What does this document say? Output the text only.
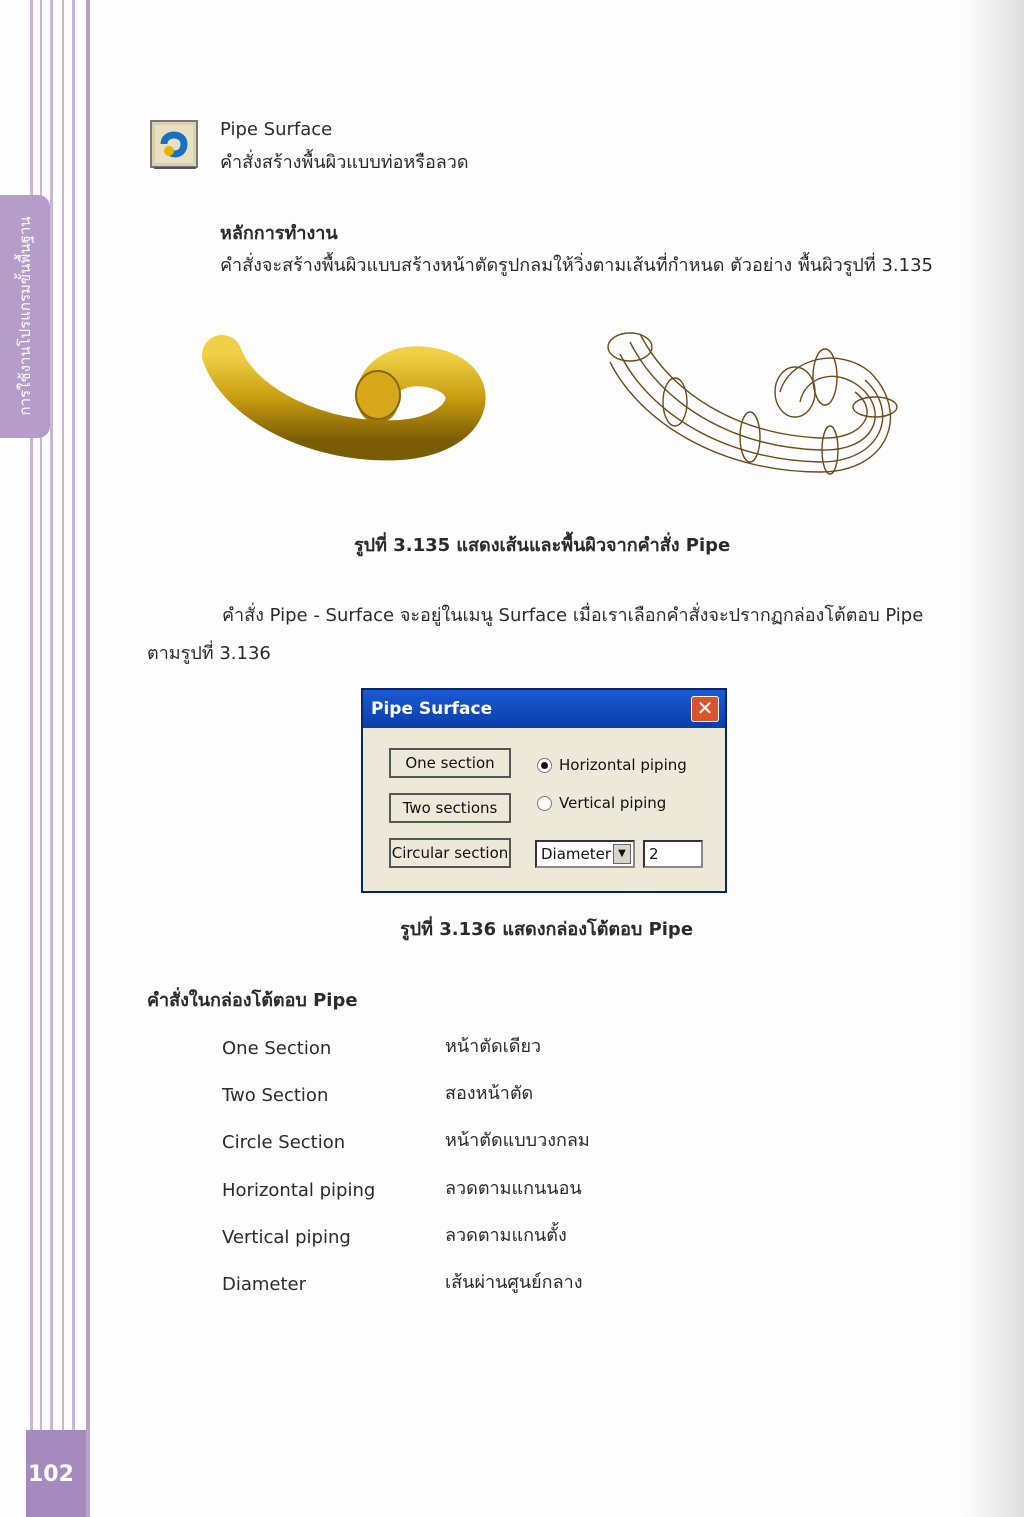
การใช้งานโปรแกรมขั้นพื้นฐาน
102
Pipe Surface
คำสั่งสร้างพื้นผิวแบบท่อหรือลวด
หลักการทำงาน
คำสั่งจะสร้างพื้นผิวแบบสร้างหน้าตัดรูปกลมให้วิ่งตามเส้นที่กำหนด ตัวอย่าง พื้นผิวรูปที่ 3.135
รูปที่ 3.135 แสดงเส้นและพื้นผิวจากคำสั่ง Pipe
คำสั่ง Pipe - Surface จะอยู่ในเมนู Surface เมื่อเราเลือกคำสั่งจะปรากฏกล่องโต้ตอบ Pipe
ตามรูปที่ 3.136
Pipe Surface	✕
One section
Two sections
Circular section
Horizontal piping
Vertical piping
Diameter ▼	2
รูปที่ 3.136 แสดงกล่องโต้ตอบ Pipe
คำสั่งในกล่องโต้ตอบ Pipe
One Section	หน้าตัดเดียว
Two Section	สองหน้าตัด
Circle Section	หน้าตัดแบบวงกลม
Horizontal piping	ลวดตามแกนนอน
Vertical piping	ลวดตามแกนตั้ง
Diameter	เส้นผ่านศูนย์กลาง
